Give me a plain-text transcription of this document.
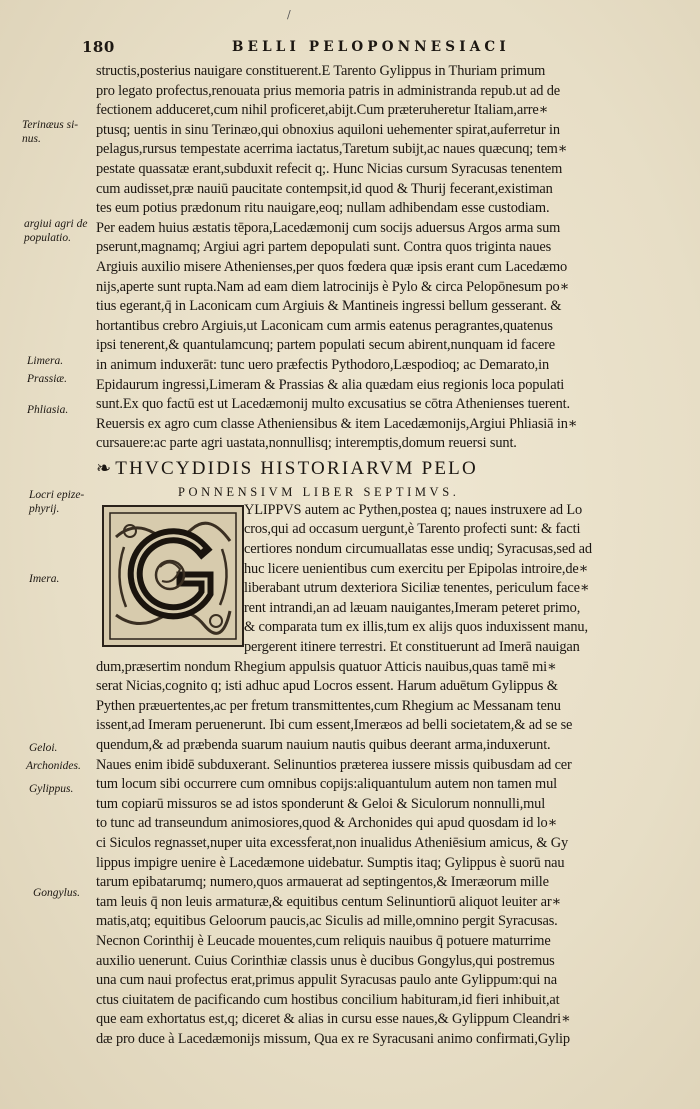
/
180	BELLI PELOPONNESIACI
Terinæus si- nus.
argiui agri de populatio.
Limera.
Prassiæ.
Phliasia.
Locri epize- phyrij.
Imera.
Geloi.
Archonides.
Gylippus.
Gongylus.
structis,posterius nauigare constituerent.E Tarento Gylippus in Thuriam primum
pro legato profectus,renouata prius memoria patris in administranda repub.ut ad de
fectionem adduceret,cum nihil proficeret,abijt.Cum præteruheretur Italiam,arre∗
ptusq; uentis in sinu Terinæo,qui obnoxius aquiloni uehementer spirat,auferretur in
pelagus,rursus tempestate acerrima iactatus,Taretum subijt,ac naues quæcunq; tem∗
pestate quassatæ erant,subduxit refecit q;. Hunc Nicias cursum Syracusas tenentem
cum audisset,præ nauiū paucitate contempsit,id quod & Thurij fecerant,existiman
tes eum potius prædonum ritu nauigare,eoq; nullam adhibendam esse custodiam.
Per eadem huius æstatis tēpora,Lacedæmonij cum socijs aduersus Argos arma sum
pserunt,magnamq; Argiui agri partem depopulati sunt. Contra quos triginta naues
Argiuis auxilio misere Athenienses,per quos fœdera quæ ipsis erant cum Lacedæmo
nijs,aperte sunt rupta.Nam ad eam diem latrocinijs è Pylo & circa Pelopōnesum po∗
tius egerant,q̄ in Laconicam cum Argiuis & Mantineis ingressi bellum gesserant. &
hortantibus crebro Argiuis,ut Laconicam cum armis eatenus peragrantes,quatenus
ipsi tenerent,& quantulamcunq; partem populati secum abirent,nunquam id facere
in animum induxerāt: tunc uero præfectis Pythodoro,Læspodioq; ac Demarato,in
Epidaurum ingressi,Limeram & Prassias & alia quædam eius regionis loca populati
sunt.Ex quo factū est ut Lacedæmonij multo excusatius se cōtra Athenienses tuerent.
Reuersis ex agro cum classe Atheniensibus & item Lacedæmonijs,Argiui Phliasiā in∗
cursauere:ac parte agri uastata,nonnullisq; interemptis,domum reuersi sunt.
❧ THVCYDIDIS HISTORIARVM PELO
PONNENSIVM LIBER SEPTIMVS.
YLIPPVS autem ac Pythen,postea q; naues instruxere ad Lo
cros,qui ad occasum uergunt,è Tarento profecti sunt: & facti
certiores nondum circumuallatas esse undiq; Syracusas,sed ad
huc licere uenientibus cum exercitu per Epipolas introire,de∗
liberabant utrum dexteriora Siciliæ tenentes, periculum face∗
rent intrandi,an ad læuam nauigantes,Imeram peteret primo,
& comparata tum ex illis,tum ex alijs quos induxissent manu,
pergerent itinere terrestri. Et constituerunt ad Imerā nauigan
dum,præsertim nondum Rhegium appulsis quatuor Atticis nauibus,quas tamē mi∗
serat Nicias,cognito q; isti adhuc apud Locros essent. Harum aduētum Gylippus &
Pythen præuertentes,ac per fretum transmittentes,cum Rhegium ac Messanam tenu
issent,ad Imeram peruenerunt. Ibi cum essent,Imeræos ad belli societatem,& ad se se
quendum,& ad præbenda suarum nauium nautis quibus deerant arma,induxerunt.
Naues enim ibidē subduxerant. Selinuntios præterea iussere missis quibusdam ad cer
tum locum sibi occurrere cum omnibus copijs:aliquantulum autem non tamen mul
tum copiarū missuros se ad istos sponderunt & Geloi & Siculorum nonnulli,mul
to tunc ad transeundum animosiores,quod & Archonides qui apud quosdam id lo∗
ci Siculos regnasset,nuper uita excessferat,non inualidus Atheniēsium amicus, & Gy
lippus impigre uenire è Lacedæmone uidebatur. Sumptis itaq; Gylippus è suorū nau
tarum epibatarumq; numero,quos armauerat ad septingentos,& Imeræorum mille
tam leuis q̄ non leuis armaturæ,& equitibus centum Selinuntiorū aliquot leuiter ar∗
matis,atq; equitibus Geloorum paucis,ac Siculis ad mille,omnino pergit Syracusas.
Necnon Corinthij è Leucade mouentes,cum reliquis nauibus q̄ potuere maturrime
auxilio uenerunt. Cuius Corinthiæ classis unus è ducibus Gongylus,qui postremus
una cum naui profectus erat,primus appulit Syracusas paulo ante Gylippum:qui na
ctus ciuitatem de pacificando cum hostibus concilium habituram,id fieri inhibuit,at
que eam exhortatus est,q; diceret & alias in cursu esse naues,& Gylippum Cleandri∗
dæ pro duce à Lacedæmonijs missum, Qua ex re Syracusani animo confirmati,Gylip
